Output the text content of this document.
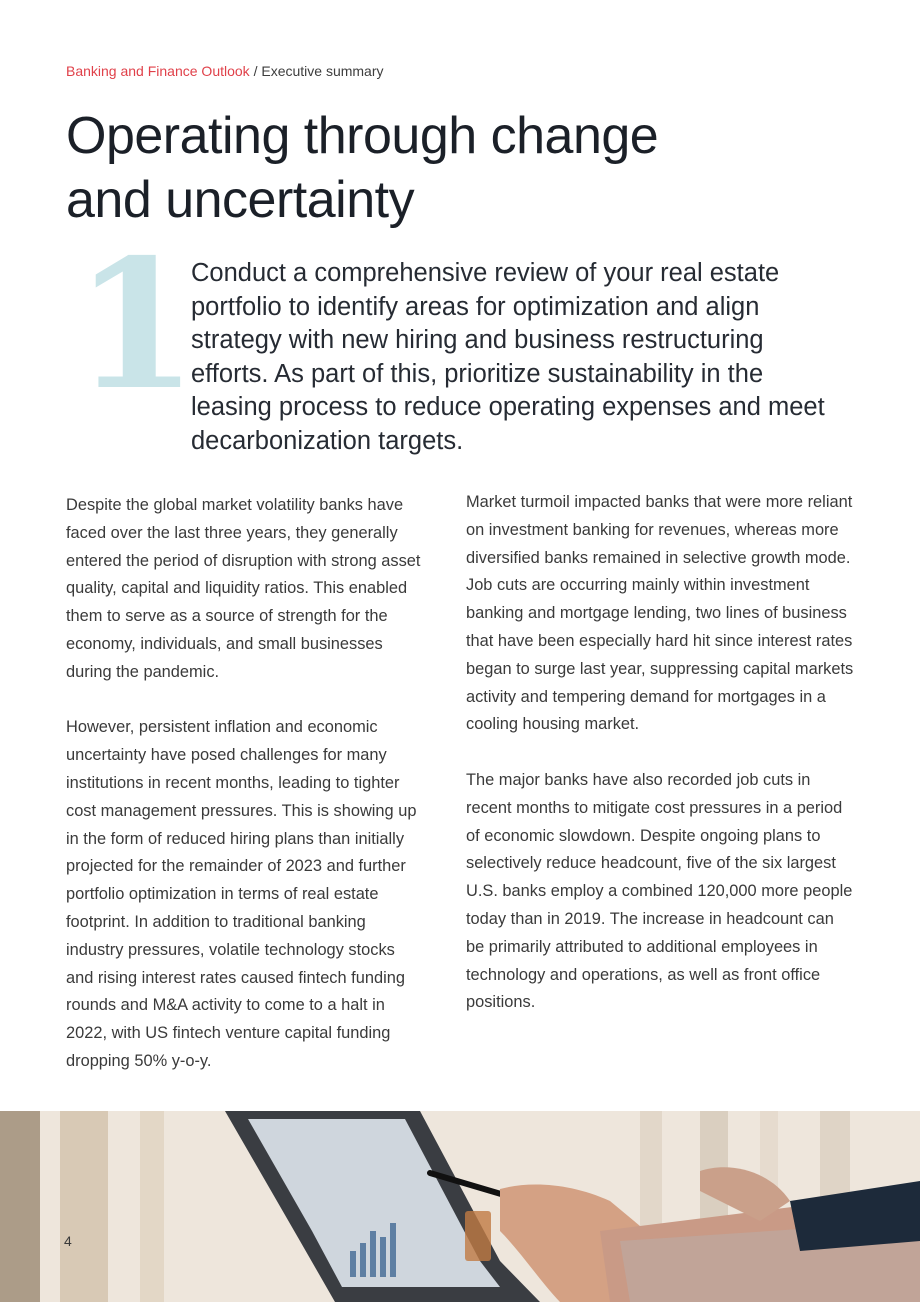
Banking and Finance Outlook / Executive summary
Operating through change
and uncertainty
1

Conduct a comprehensive review of your real estate portfolio to identify areas for optimization and align strategy with new hiring and business restructuring efforts. As part of this, prioritize sustainability in the leasing process to reduce operating expenses and meet decarbonization targets.

Despite the global market volatility banks have faced over the last three years, they generally entered the period of disruption with strong asset quality, capital and liquidity ratios. This enabled them to serve as a source of strength for the economy, individuals, and small businesses during the pandemic.

However, persistent inflation and economic uncertainty have posed challenges for many institutions in recent months, leading to tighter cost management pressures. This is showing up in the form of reduced hiring plans than initially projected for the remainder of 2023 and further portfolio optimization in terms of real estate footprint. In addition to traditional banking industry pressures, volatile technology stocks and rising interest rates caused fintech funding rounds and M&A activity to come to a halt in 2022, with US fintech venture capital funding dropping 50% y-o-y.

Market turmoil impacted banks that were more reliant on investment banking for revenues, whereas more diversified banks remained in selective growth mode. Job cuts are occurring mainly within investment banking and mortgage lending, two lines of business that have been especially hard hit since interest rates began to surge last year, suppressing capital markets activity and tempering demand for mortgages in a cooling housing market.

The major banks have also recorded job cuts in recent months to mitigate cost pressures in a period of economic slowdown. Despite ongoing plans to selectively reduce headcount, five of the six largest U.S. banks employ a combined 120,000 more people today than in 2019. The increase in headcount can be primarily attributed to additional employees in technology and operations, as well as front office positions.

4
